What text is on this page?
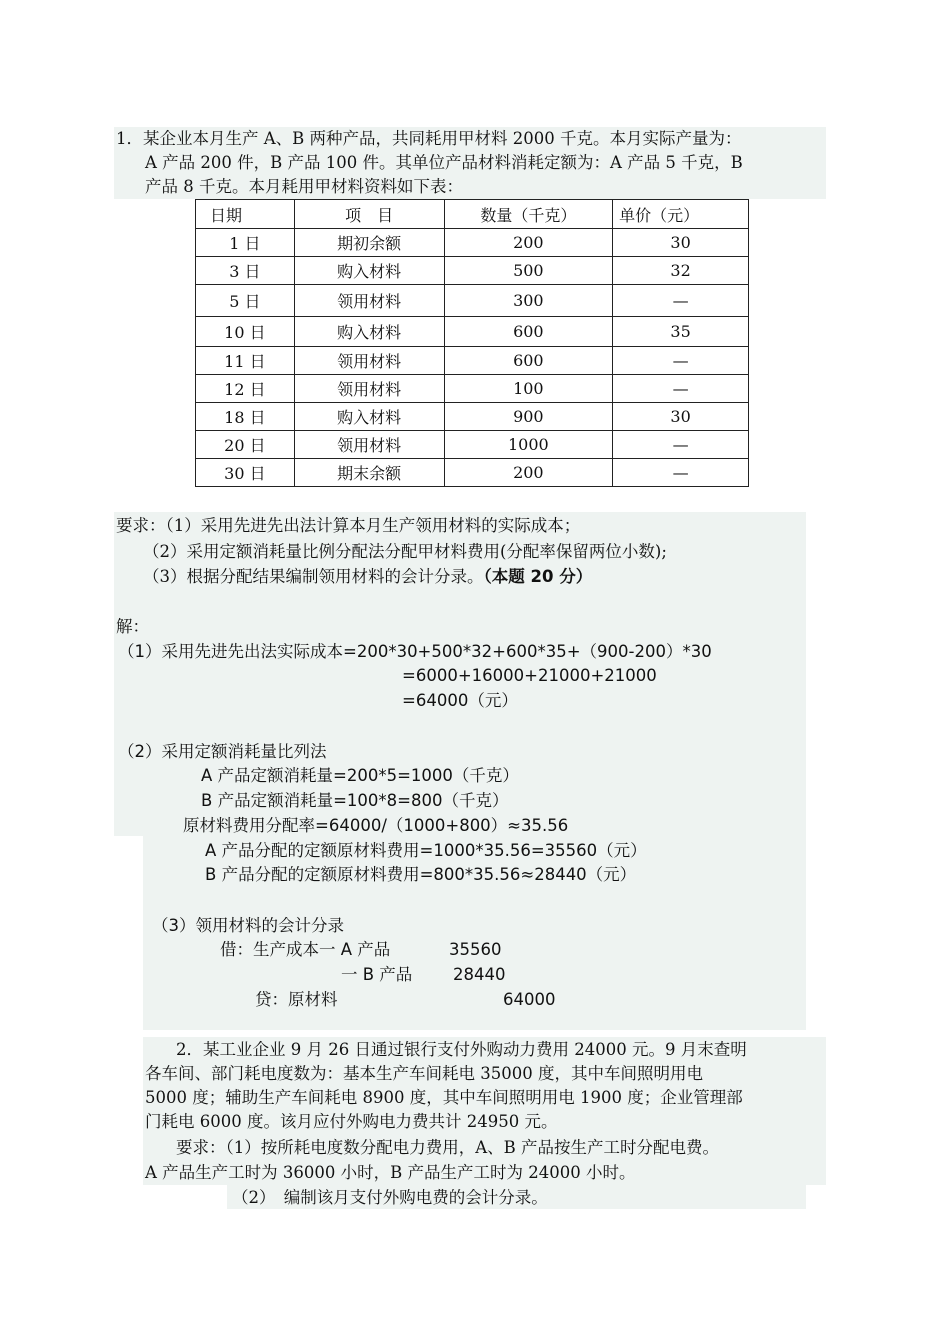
1．某企业本月生产 A、B 两种产品，共同耗用甲材料 2000 千克。本月实际产量为：
A 产品 200 件，B 产品 100 件。其单位产品材料消耗定额为：A 产品 5 千克，B
产品 8 千克。本月耗用甲材料资料如下表：
日期	项　目	数量（千克）	单价（元）
1 日	期初余额	200	30
3 日	购入材料	500	32
5 日	领用材料	300	—
10 日	购入材料	600	35
11 日	领用材料	600	—
12 日	领用材料	100	—
18 日	购入材料	900	30
20 日	领用材料	1000	—
30 日	期末余额	200	—
要求：（1）采用先进先出法计算本月生产领用材料的实际成本；
（2）采用定额消耗量比例分配法分配甲材料费用(分配率保留两位小数);
（3）根据分配结果编制领用材料的会计分录。（本题 20 分）
解：
（1）采用先进先出法实际成本=200*30+500*32+600*35+（900-200）*30
=6000+16000+21000+21000
=64000（元）
（2）采用定额消耗量比列法
A 产品定额消耗量=200*5=1000（千克）
B 产品定额消耗量=100*8=800（千克）
原材料费用分配率=64000/（1000+800）≈35.56
A 产品分配的定额原材料费用=1000*35.56=35560（元）
B 产品分配的定额原材料费用=800*35.56≈28440（元）
（3）领用材料的会计分录
借：生产成本一 A 产品	35560
一 B 产品 28440
贷：原材料	64000
2．某工业企业 9 月 26 日通过银行支付外购动力费用 24000 元。9 月末查明
各车间、部门耗电度数为：基本生产车间耗电 35000 度，其中车间照明用电
5000 度；辅助生产车间耗电 8900 度，其中车间照明用电 1900 度；企业管理部
门耗电 6000 度。该月应付外购电力费共计 24950 元。
要求：（1）按所耗电度数分配电力费用，A、B 产品按生产工时分配电费。
A 产品生产工时为 36000 小时，B 产品生产工时为 24000 小时。
（2）　编制该月支付外购电费的会计分录。
